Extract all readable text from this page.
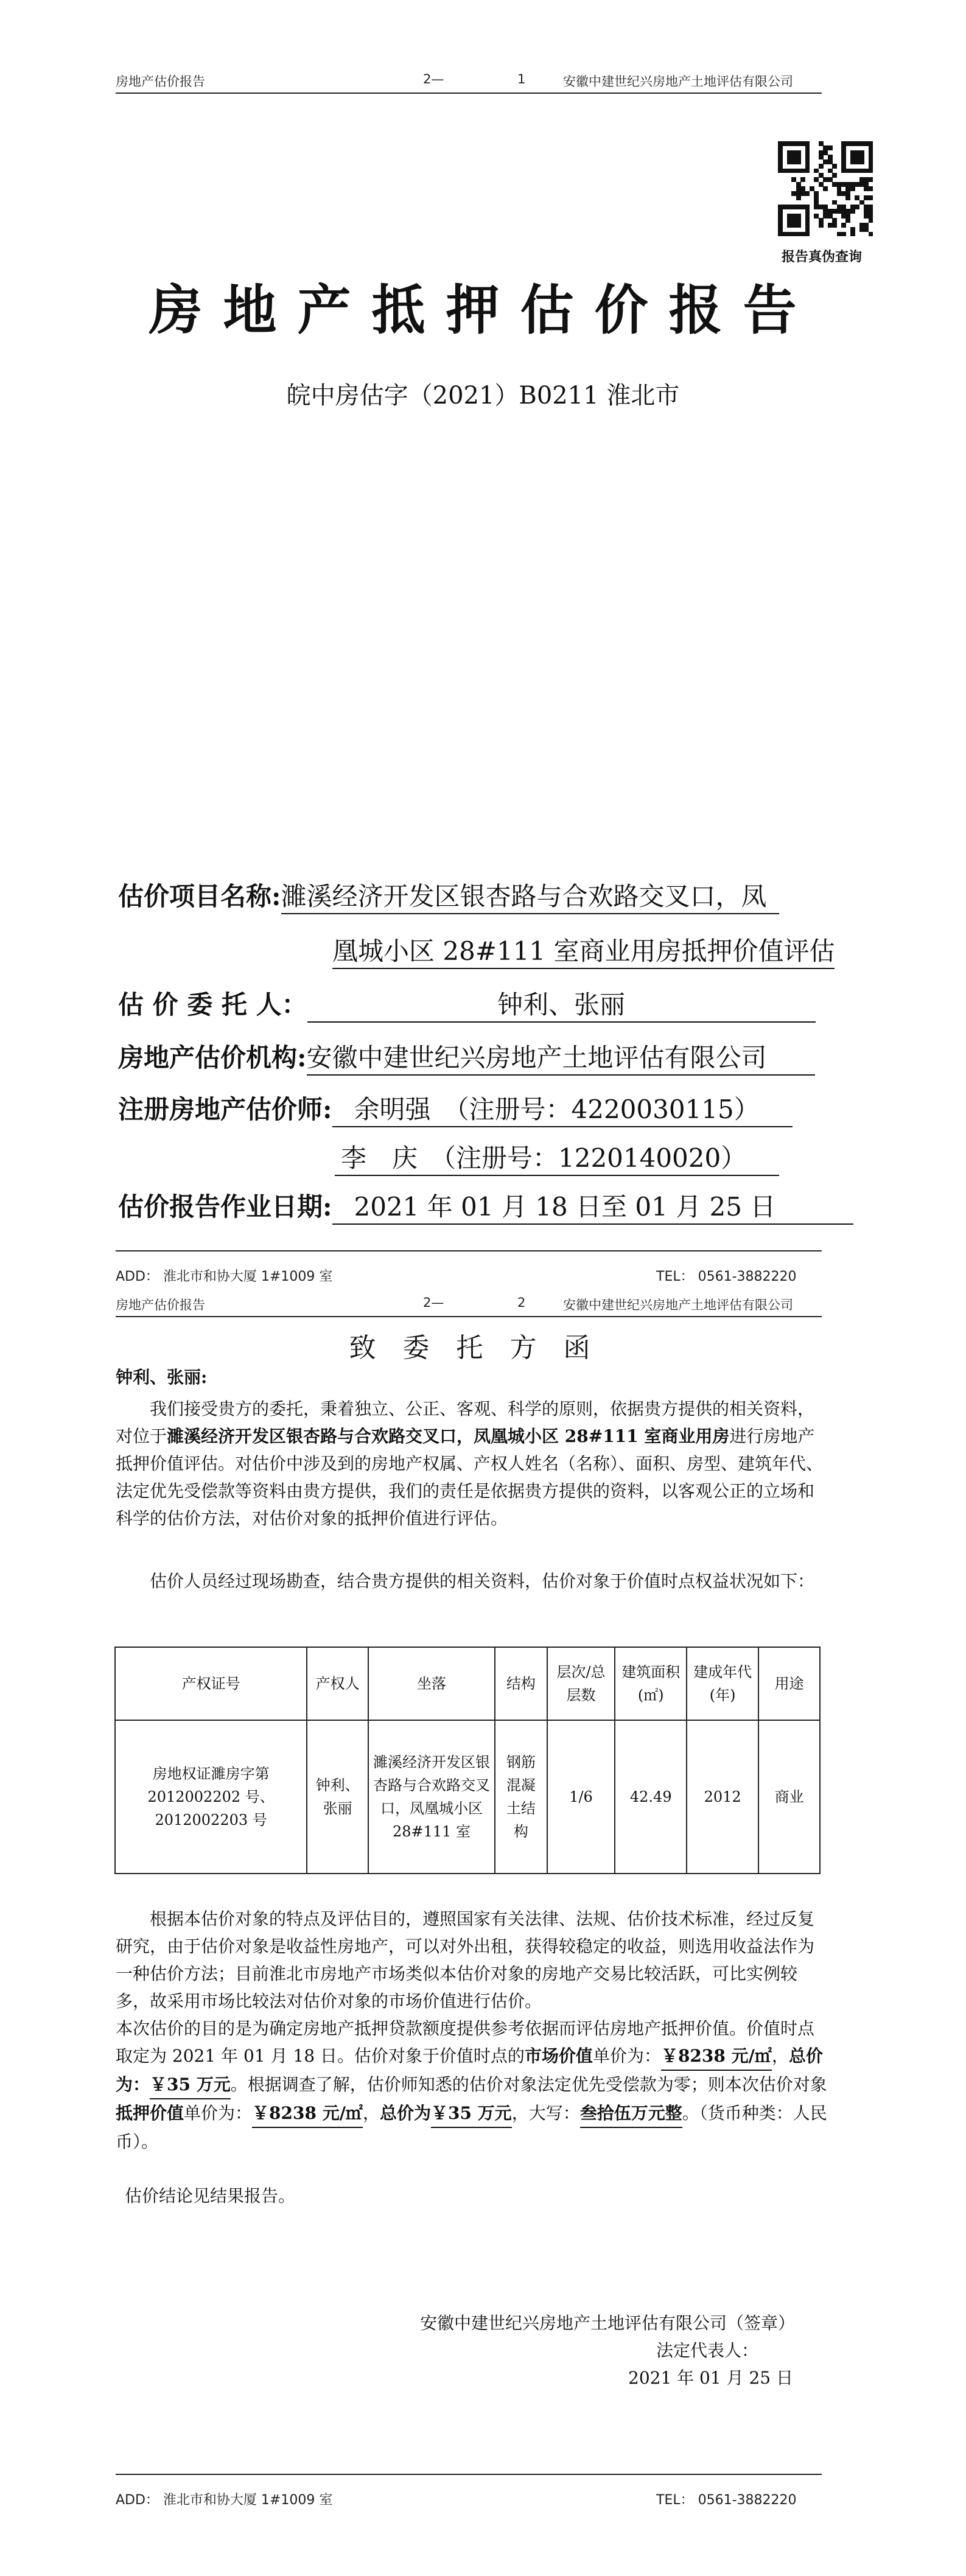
房地产估价报告	2—	1	安徽中建世纪兴房地产土地评估有限公司
报告真伪查询
房地产抵押估价报告
皖中房估字（2021）B0211 淮北市
估价项目名称:濉溪经济开发区银杏路与合欢路交叉口，凤
凰城小区 28#111 室商业用房抵押价值评估
估 价 委 托 人：	钟利、张丽
房地产估价机构:安徽中建世纪兴房地产土地评估有限公司
注册房地产估价师: 余明强　（注册号：4220030115）
李　庆　（注册号：1220140020）
估价报告作业日期: 2021 年 01 月 18 日至 01 月 25 日
ADD： 淮北市和协大厦 1#1009 室	TEL： 0561-3882220
房地产估价报告	2—	2	安徽中建世纪兴房地产土地评估有限公司
致委托方函
钟利、张丽:
我们接受贵方的委托，秉着独立、公正、客观、科学的原则，依据贵方提供的相关资料，对位于濉溪经济开发区银杏路与合欢路交叉口，凤凰城小区 28#111 室商业用房进行房地产抵押价值评估。对估价中涉及到的房地产权属、产权人姓名（名称）、面积、房型、建筑年代、法定优先受偿款等资料由贵方提供，我们的责任是依据贵方提供的资料，以客观公正的立场和科学的估价方法，对估价对象的抵押价值进行评估。
估价人员经过现场勘查，结合贵方提供的相关资料，估价对象于价值时点权益状况如下：
产权证号	产权人	坐落	结构	层次/总层数	建筑面积(㎡)	建成年代(年)	用途
房地权证濉房字第2012002202 号、2012002203 号	钟利、张丽	濉溪经济开发区银杏路与合欢路交叉口，凤凰城小区28#111 室	钢筋混凝土结构	1/6	42.49	2012	商业
根据本估价对象的特点及评估目的，遵照国家有关法律、法规、估价技术标准，经过反复研究，由于估价对象是收益性房地产，可以对外出租，获得较稳定的收益，则选用收益法作为一种估价方法；目前淮北市房地产市场类似本估价对象的房地产交易比较活跃，可比实例较多，故采用市场比较法对估价对象的市场价值进行估价。
本次估价的目的是为确定房地产抵押贷款额度提供参考依据而评估房地产抵押价值。价值时点取定为 2021 年 01 月 18 日。估价对象于价值时点的市场价值单价为：￥8238 元/㎡，总价为：￥35 万元。根据调查了解，估价师知悉的估价对象法定优先受偿款为零；则本次估价对象抵押价值单价为：￥8238 元/㎡，总价为￥35 万元，大写：叁拾伍万元整。（货币种类：人民币）。
估价结论见结果报告。
安徽中建世纪兴房地产土地评估有限公司（签章）
法定代表人：
2021 年 01 月 25 日
ADD： 淮北市和协大厦 1#1009 室	TEL： 0561-3882220
